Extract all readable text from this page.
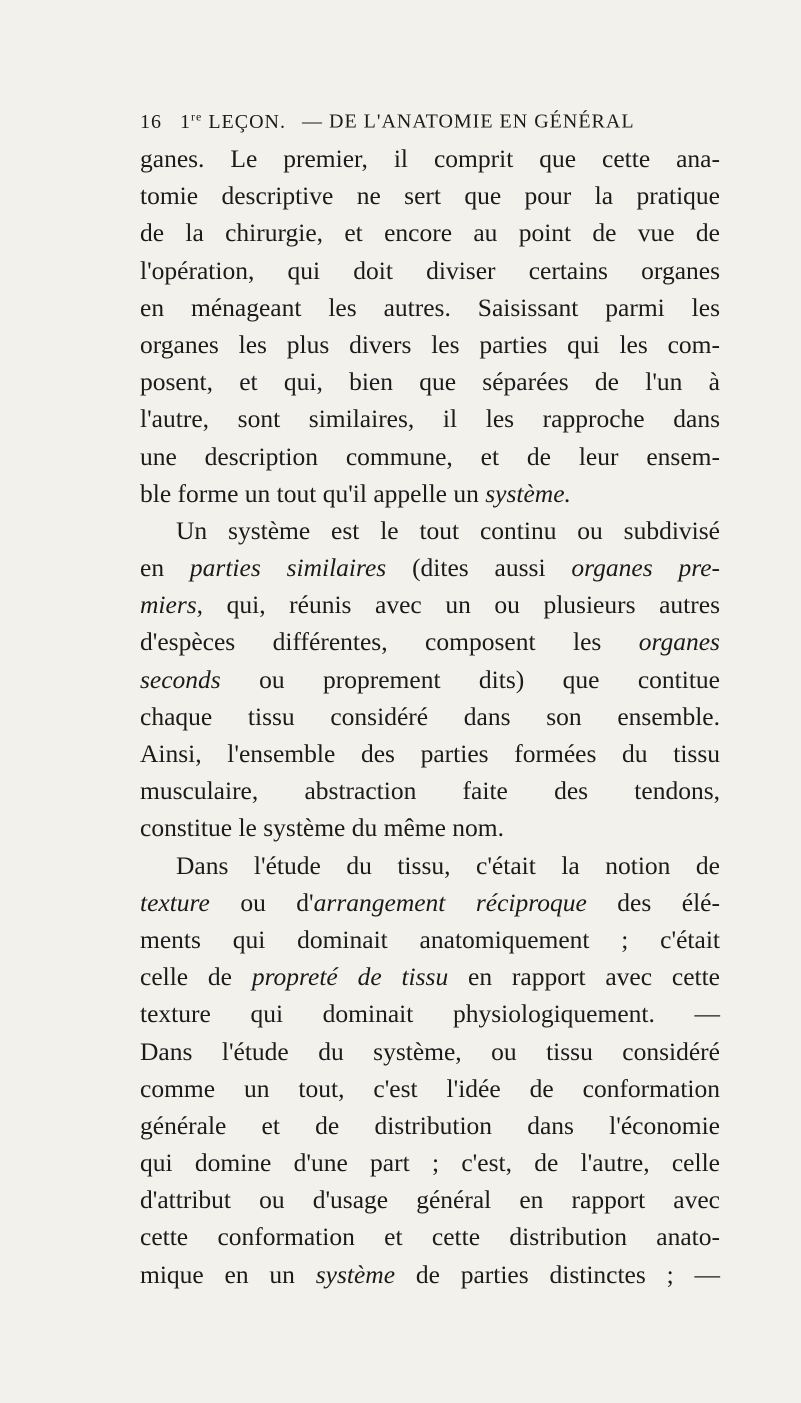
16 1re LEÇON. — DE L'ANATOMIE EN GÉNÉRAL
ganes. Le premier, il comprit que cette ana-
tomie descriptive ne sert que pour la pratique
de la chirurgie, et encore au point de vue de
l'opération, qui doit diviser certains organes
en ménageant les autres. Saisissant parmi les
organes les plus divers les parties qui les com-
posent, et qui, bien que séparées de l'un à
l'autre, sont similaires, il les rapproche dans
une description commune, et de leur ensem-
ble forme un tout qu'il appelle un système.
Un système est le tout continu ou subdivisé
en parties similaires (dites aussi organes pre-
miers, qui, réunis avec un ou plusieurs autres
d'espèces différentes, composent les organes
seconds ou proprement dits) que contitue
chaque tissu considéré dans son ensemble.
Ainsi, l'ensemble des parties formées du tissu
musculaire, abstraction faite des tendons,
constitue le système du même nom.
Dans l'étude du tissu, c'était la notion de
texture ou d'arrangement réciproque des élé-
ments qui dominait anatomiquement ; c'était
celle de propreté de tissu en rapport avec cette
texture qui dominait physiologiquement. —
Dans l'étude du système, ou tissu considéré
comme un tout, c'est l'idée de conformation
générale et de distribution dans l'économie
qui domine d'une part ; c'est, de l'autre, celle
d'attribut ou d'usage général en rapport avec
cette conformation et cette distribution anato-
mique en un système de parties distinctes ; —
